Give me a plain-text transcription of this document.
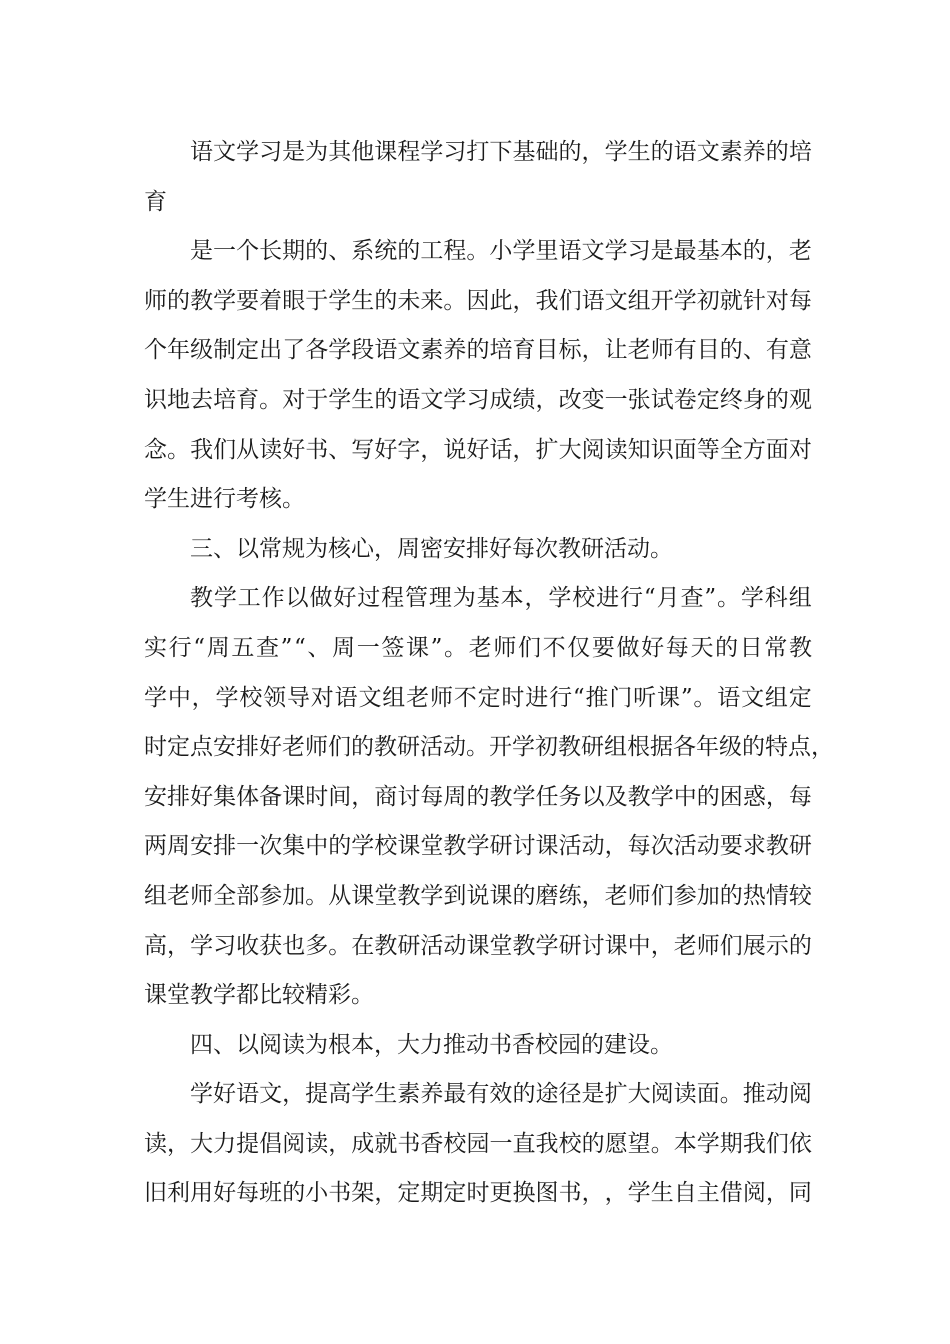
语 文 学 习 是 为 其 他 课 程 学 习 打 下 基 础 的 ， 学 生 的 语 文 素 养 的 培
育
是 一 个 长 期 的 、 系 统 的 工 程 。 小 学 里 语 文 学 习 是 最 基 本 的 ， 老
师 的 教 学 要 着 眼 于 学 生 的 未 来 。 因 此 ， 我 们 语 文 组 开 学 初 就 针 对 每
个 年 级 制 定 出 了 各 学 段 语 文 素 养 的 培 育 目 标 ， 让 老 师 有 目 的 、 有 意
识 地 去 培 育 。 对 于 学 生 的 语 文 学 习 成 绩 ， 改 变 一 张 试 卷 定 终 身 的 观
念 。 我 们 从 读 好 书 、 写 好 字 ， 说 好 话 ， 扩 大 阅 读 知 识 面 等 全 方 面 对
学 生 进 行 考 核 。
三 、 以 常 规 为 核 心 ， 周 密 安 排 好 每 次 教 研 活 动 。
教 学 工 作 以 做 好 过 程 管 理 为 基 本 ， 学 校 进 行 “ 月 查 ” 。 学 科 组
实 行 “ 周 五 查 ” “ 、 周 一 签 课 ” 。 老 师 们 不 仅 要 做 好 每 天 的 日 常 教
学 中 ， 学 校 领 导 对 语 文 组 老 师 不 定 时 进 行 “ 推 门 听 课 ” 。 语 文 组 定
时 定 点 安 排 好 老 师 们 的 教 研 活 动 。 开 学 初 教 研 组 根 据 各 年 级 的 特 点 ，
安 排 好 集 体 备 课 时 间 ， 商 讨 每 周 的 教 学 任 务 以 及 教 学 中 的 困 惑 ， 每
两 周 安 排 一 次 集 中 的 学 校 课 堂 教 学 研 讨 课 活 动 ， 每 次 活 动 要 求 教 研
组 老 师 全 部 参 加 。 从 课 堂 教 学 到 说 课 的 磨 练 ， 老 师 们 参 加 的 热 情 较
高 ， 学 习 收 获 也 多 。 在 教 研 活 动 课 堂 教 学 研 讨 课 中 ， 老 师 们 展 示 的
课 堂 教 学 都 比 较 精 彩 。
四 、 以 阅 读 为 根 本 ， 大 力 推 动 书 香 校 园 的 建 设 。
学 好 语 文 ， 提 高 学 生 素 养 最 有 效 的 途 径 是 扩 大 阅 读 面 。 推 动 阅
读 ， 大 力 提 倡 阅 读 ， 成 就 书 香 校 园 一 直 我 校 的 愿 望 。 本 学 期 我 们 依
旧 利 用 好 每 班 的 小 书 架 ， 定 期 定 时 更 换 图 书 ， ， 学 生 自 主 借 阅 ， 同
